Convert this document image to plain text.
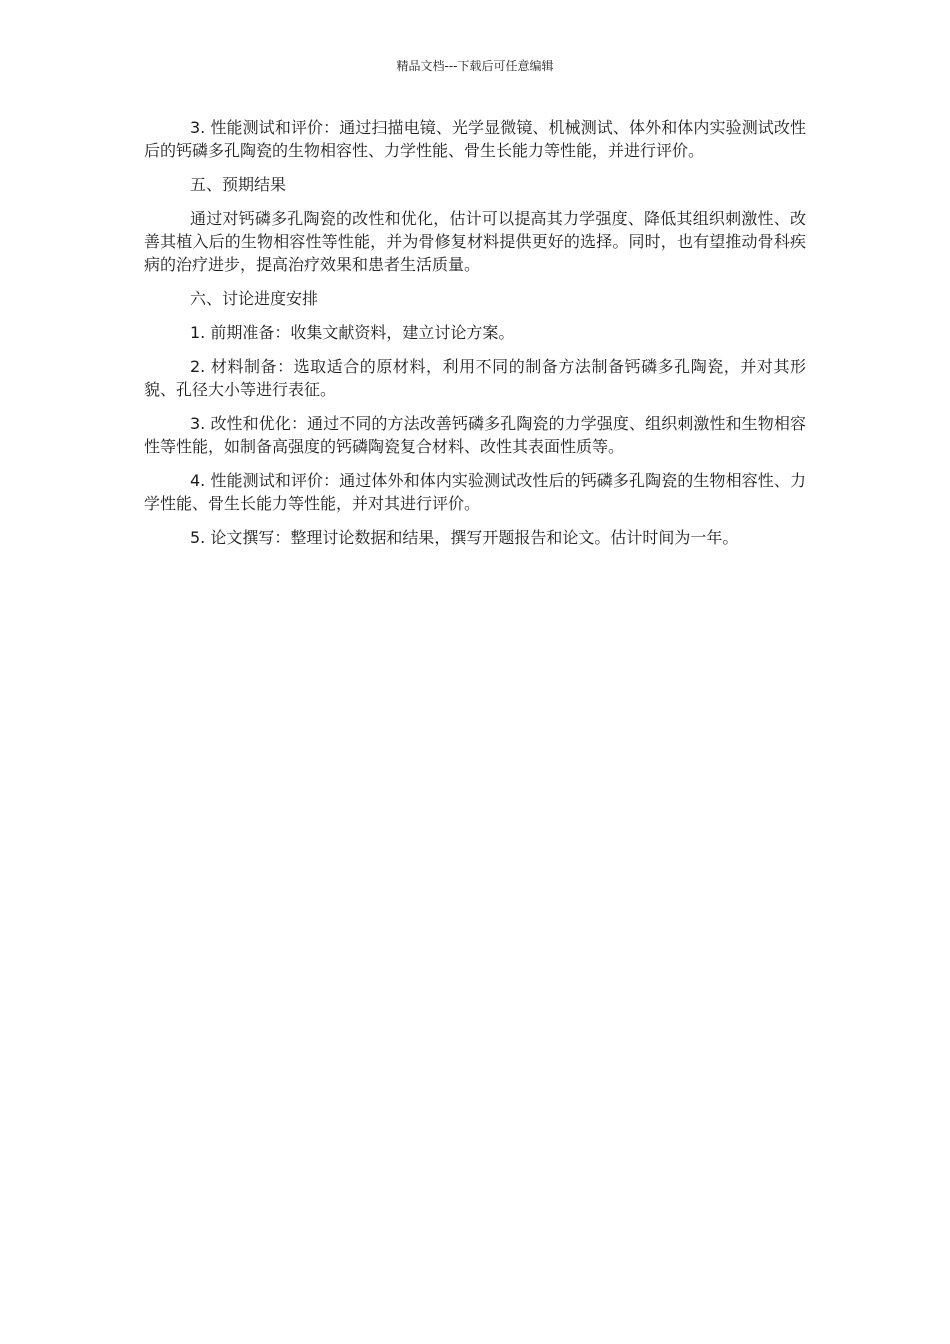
精品文档---下载后可任意编辑

3. 性能测试和评价：通过扫描电镜、光学显微镜、机械测试、体外和体内实验测试改性后的钙磷多孔陶瓷的生物相容性、力学性能、骨生长能力等性能，并进行评价。

五、预期结果

通过对钙磷多孔陶瓷的改性和优化，估计可以提高其力学强度、降低其组织刺激性、改善其植入后的生物相容性等性能，并为骨修复材料提供更好的选择。同时，也有望推动骨科疾病的治疗进步，提高治疗效果和患者生活质量。

六、讨论进度安排

1. 前期准备：收集文献资料，建立讨论方案。

2. 材料制备：选取适合的原材料，利用不同的制备方法制备钙磷多孔陶瓷，并对其形貌、孔径大小等进行表征。

3. 改性和优化：通过不同的方法改善钙磷多孔陶瓷的力学强度、组织刺激性和生物相容性等性能，如制备高强度的钙磷陶瓷复合材料、改性其表面性质等。

4. 性能测试和评价：通过体外和体内实验测试改性后的钙磷多孔陶瓷的生物相容性、力学性能、骨生长能力等性能，并对其进行评价。

5. 论文撰写：整理讨论数据和结果，撰写开题报告和论文。估计时间为一年。
